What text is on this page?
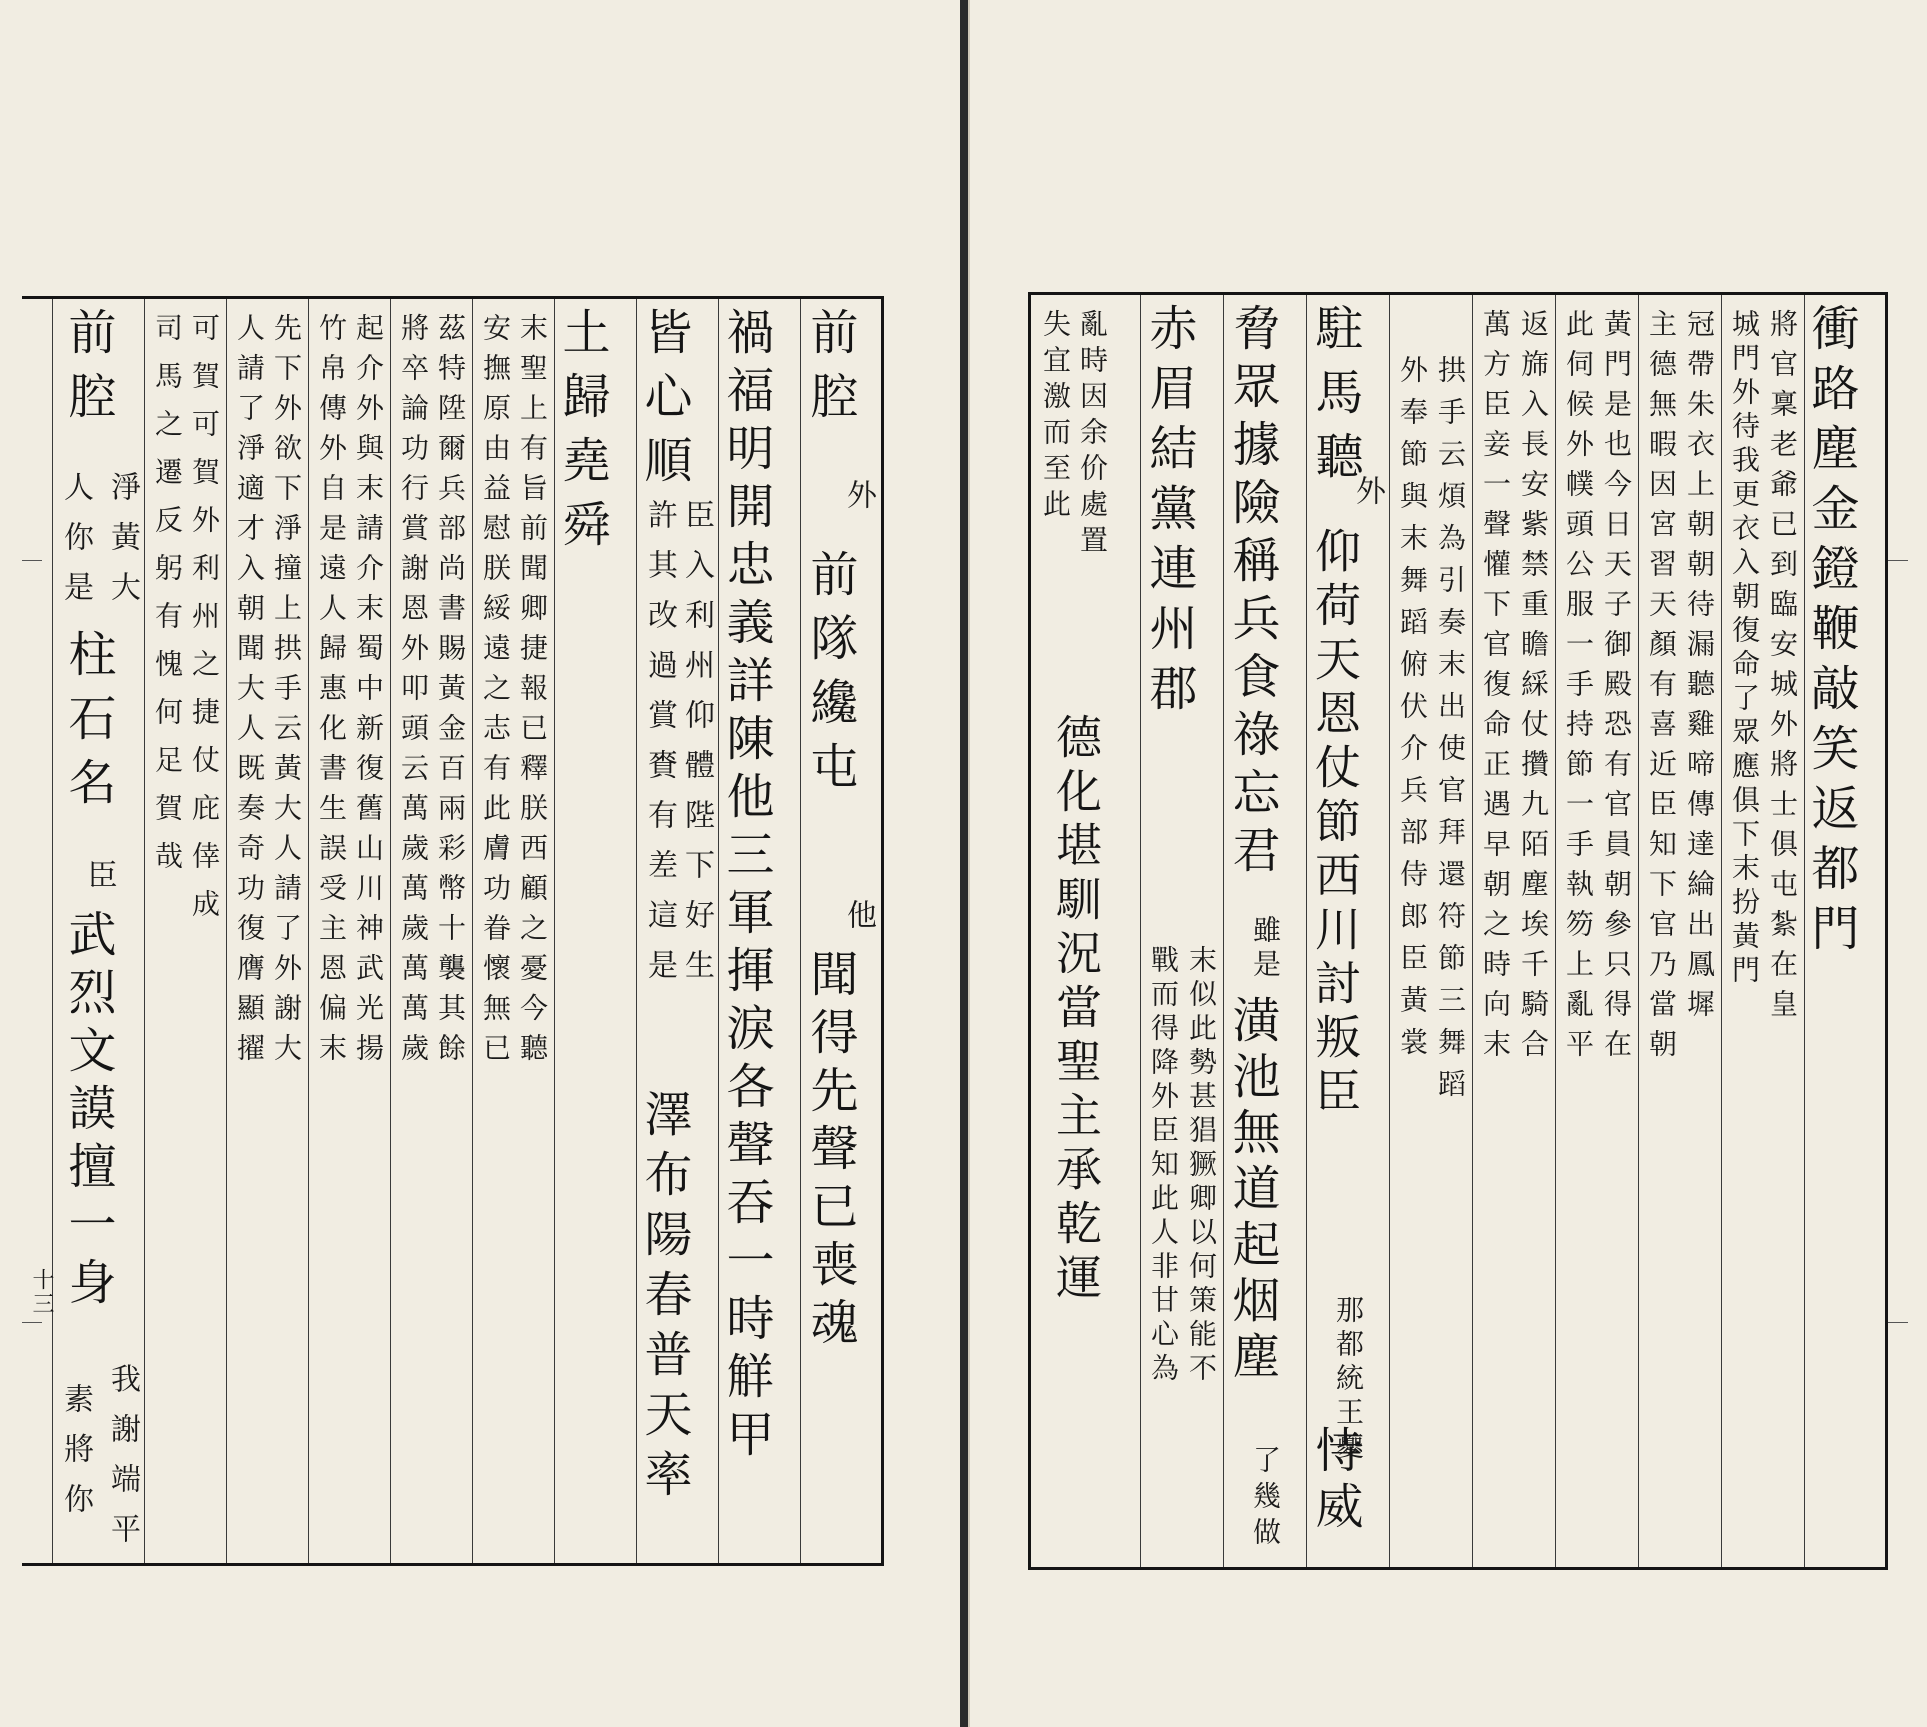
前腔
外
前隊纔屯
他
聞得先聲已喪魂
禍福明開忠義詳陳他三軍揮淚各聲吞一時觧甲
皆心順
臣入利州仰體陛下好生
許其改過賞賚有差這是
澤布陽春普天率
土歸堯舜
末聖上有旨前聞卿捷報已釋朕西顧之憂今聽
安撫原由益慰朕綏遠之志有此膚功眷懷無已
茲特陞爾兵部尚書賜黃金百兩彩幣十襲其餘
將卒論功行賞謝恩外叩頭云萬歲萬歲萬萬歲
起介外與末請介末蜀中新復舊山川神武光揚
竹帛傳外自是遠人歸惠化書生誤受主恩偏末
先下外欲下淨撞上拱手云黃大人請了外謝大
人請了淨適才入朝聞大人既奏奇功復膺顯擢
可賀可賀外利州之捷仗庇倖成
司馬之遷反躬有愧何足賀哉
前腔
淨黃大
人你是
柱石名
臣
武烈文謨擅一身
我謝端平
素將你
十三
衝路塵金鐙鞭敲笑返都門
將官稟老爺已到臨安城外將士俱屯紮在皇
城門外待我更衣入朝復命了眾應俱下末扮黃門
冠帶朱衣上朝朝待漏聽雞啼傳達綸出鳳墀
主德無暇因宮習天顏有喜近臣知下官乃當朝
黃門是也今日天子御殿恐有官員朝參只得在
此伺候外幞頭公服一手持節一手執笏上亂平
返旆入長安紫禁重瞻綵仗攢九陌塵埃千騎合
萬方臣妾一聲懽下官復命正遇早朝之時向末
拱手云煩為引奏末出使官拜還符節三舞蹈
外奉節與末舞蹈俯伏介兵部侍郎臣黃裳
駐馬聽
外
仰荷天恩仗節西川討叛臣
那都統王夔
恃威
脅眾據險稱兵食祿忘君
雖是
潢池無道起烟塵
了幾做
赤眉結黨連州郡
末似此勢甚猖獗卿以何策能不
戰而得降外臣知此人非甘心為
亂時因余价處置
失宜激而至此
德化堪馴況當聖主承乾運
